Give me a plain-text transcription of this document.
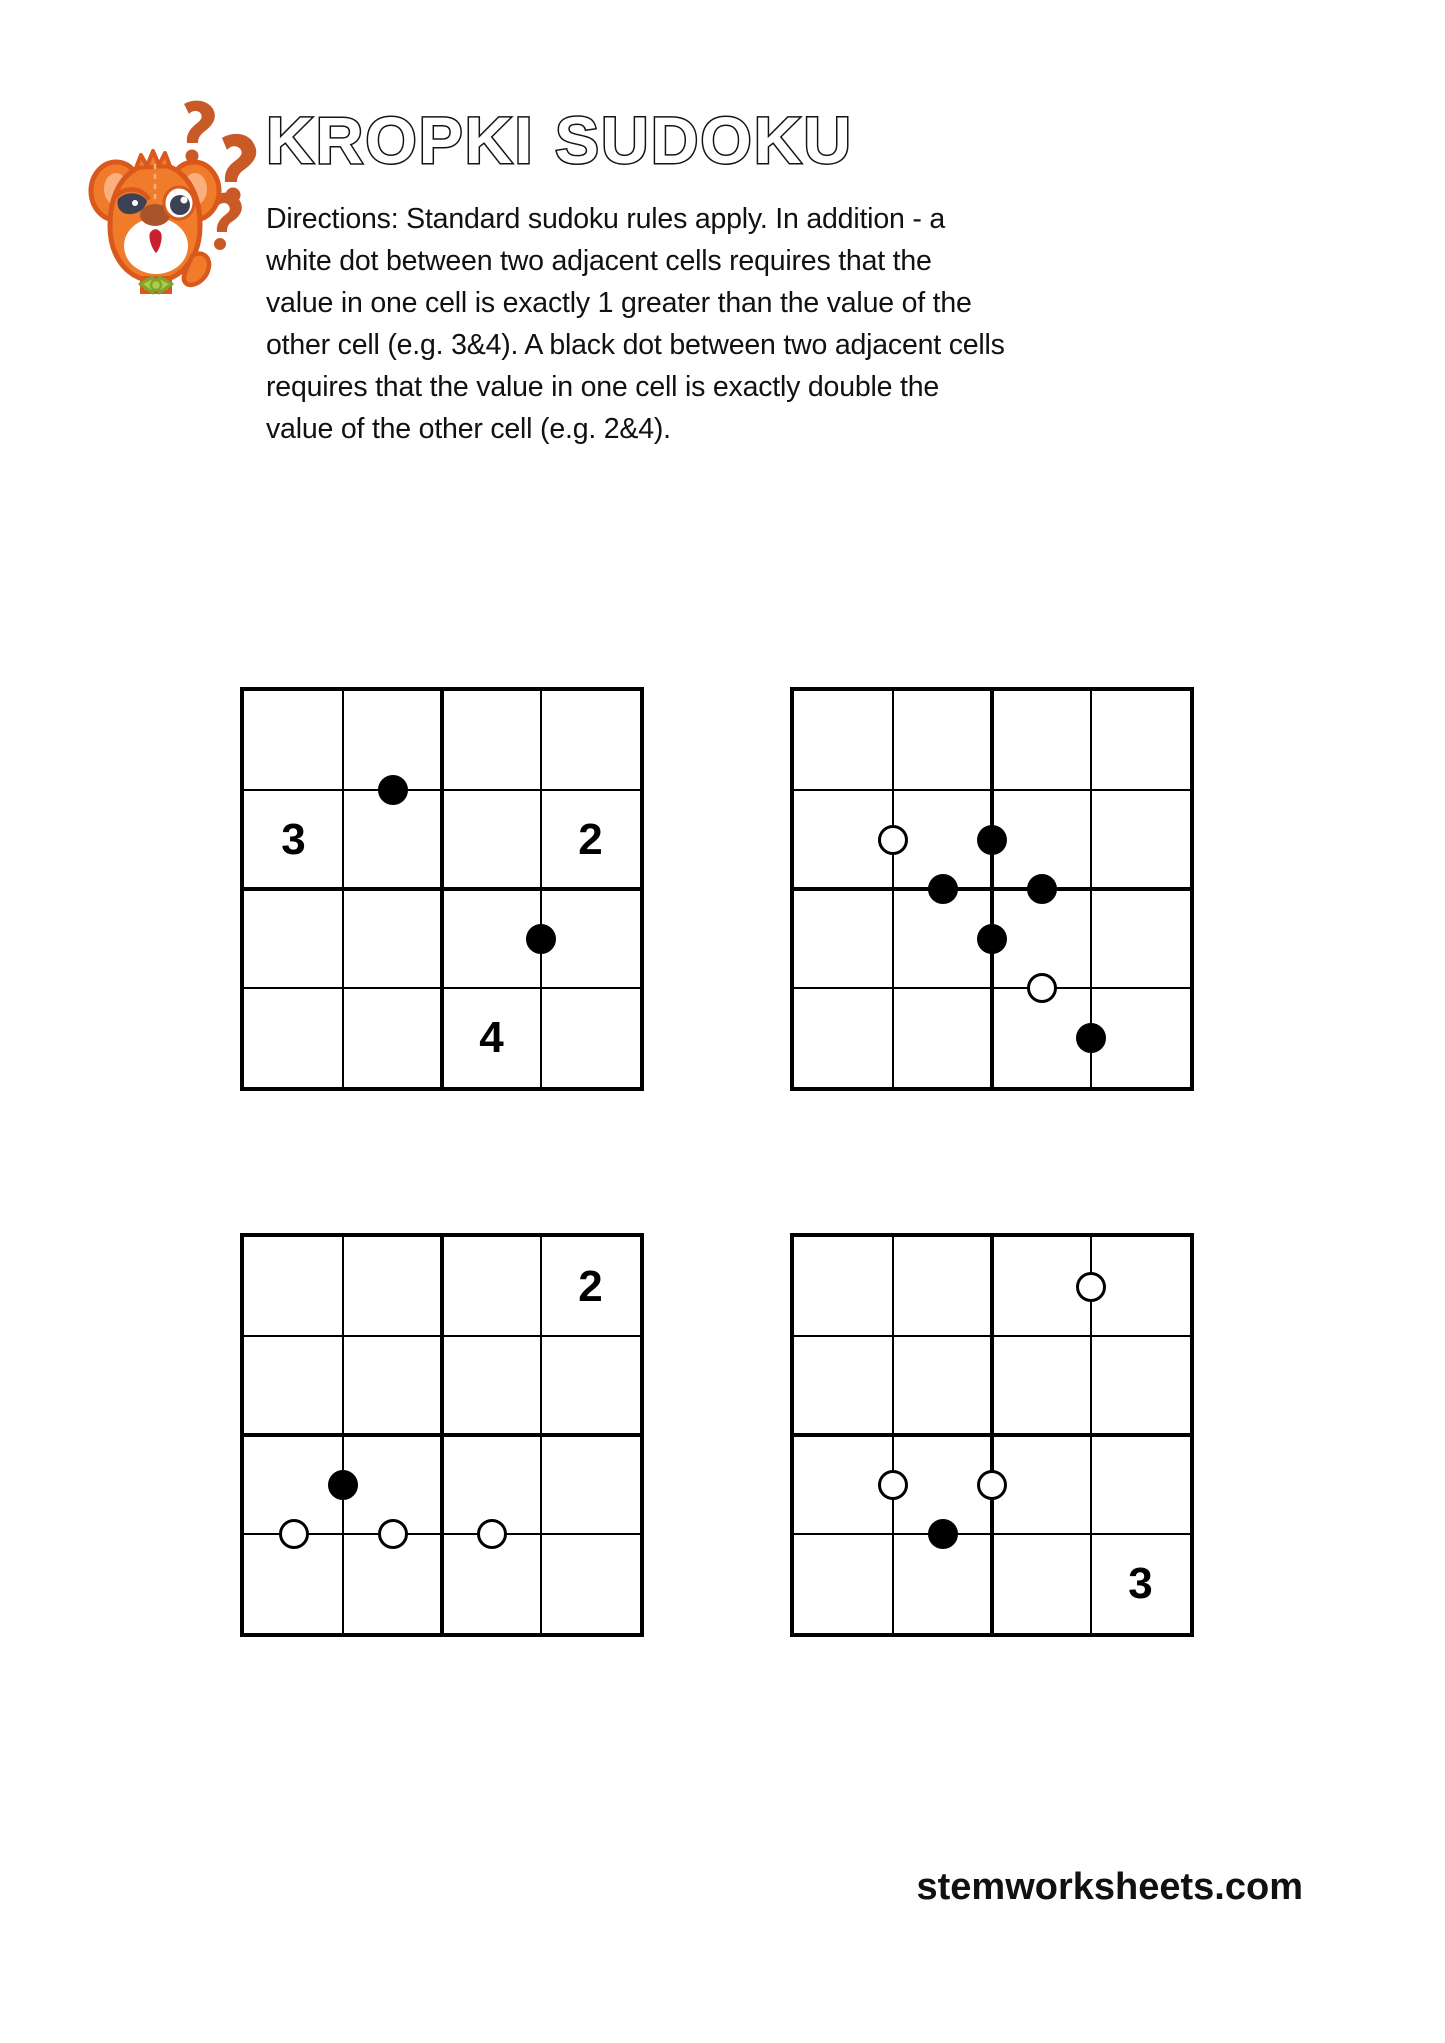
KROPKI SUDOKU

Directions: Standard sudoku rules apply. In addition - a white dot between two adjacent cells requires that the value in one cell is exactly 1 greater than the value of the other cell (e.g. 3&4). A black dot between two adjacent cells requires that the value in one cell is exactly double the value of the other cell (e.g. 2&4).

3	2
4
2
3
stemworksheets.com
